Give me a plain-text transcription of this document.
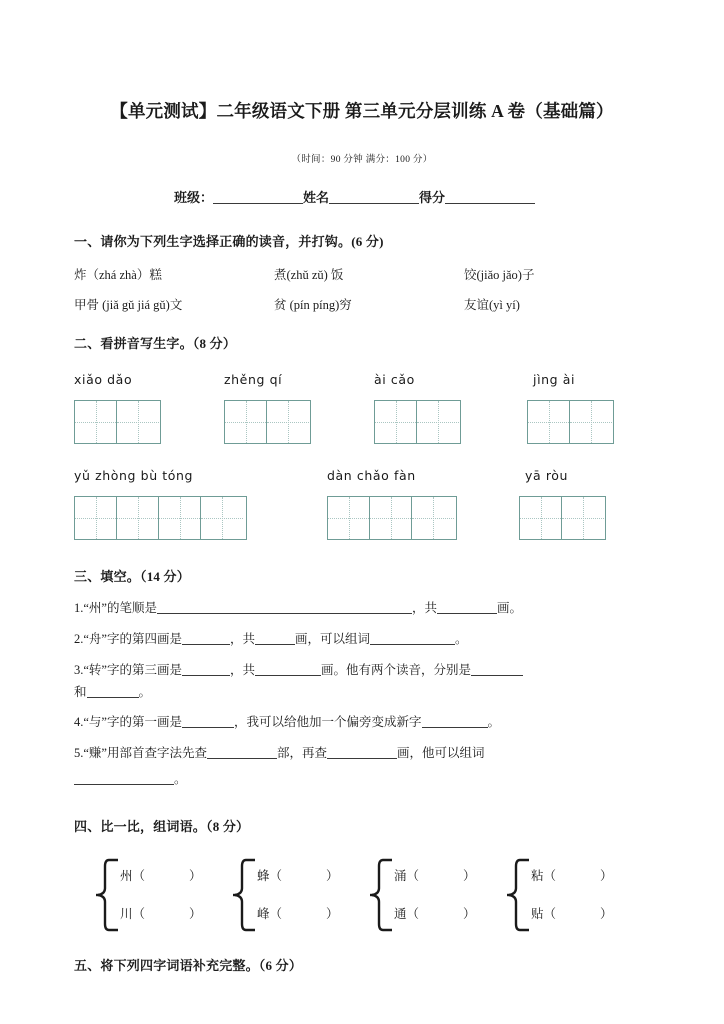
【单元测试】二年级语文下册 第三单元分层训练 A 卷（基础篇）

（时间：90 分钟 满分：100 分）

班级：	姓名	得分

一、请你为下列生字选择正确的读音，并打钩。(6 分)

炸（zhá zhà）糕	煮(zhǔ zǔ) 饭	饺(jiǎo jǎo)子
甲骨 (jiǎ gǔ jiá gǔ)文	贫 (pín píng)穷	友谊(yì yí)

二、看拼音写生字。（8 分）

xiǎo dǎo	zhěng qí	ài cǎo	jìng ài
yǔ zhòng bù tóng	dàn chǎo fàn	yā ròu

三、填空。（14 分）

1.“州”的笔顺是	，共	画。

2.“舟”字的第四画是	，共	画，可以组词	。

3.“转”字的第三画是	，共	画。他有两个读音，分别是

和	。

4.“与”字的第一画是	，我可以给他加一个偏旁变成新字	。

5.“赚”用部首查字法先查	部，再查	画，他可以组词

。

四、比一比，组词语。（8 分）

州（	）
川（	）
蜂（	）
峰（	）
涌（	）
通（	）
粘（	）
贴（	）

五、将下列四字词语补充完整。（6 分）
